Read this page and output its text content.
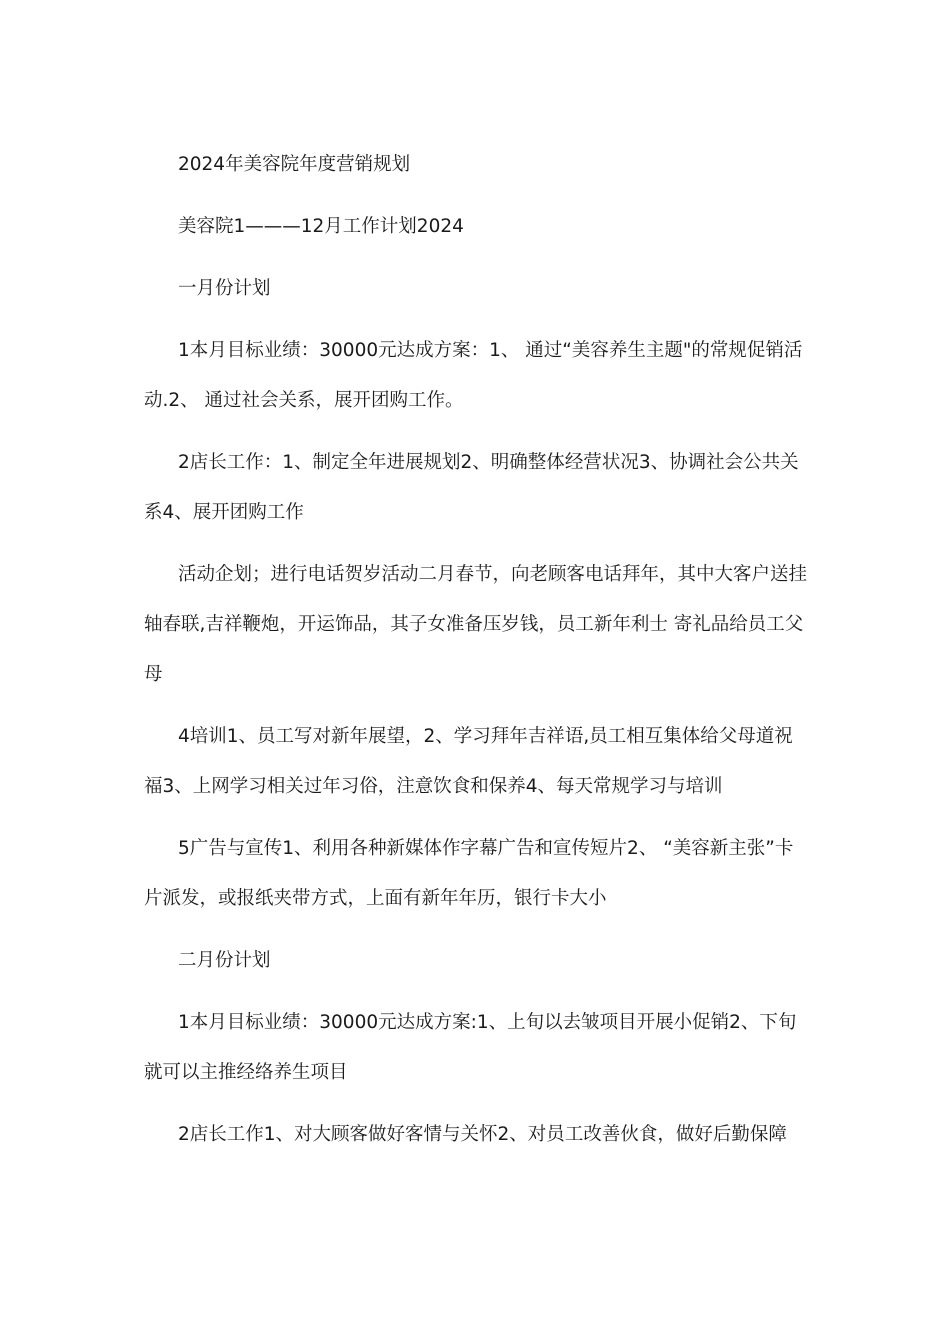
2024年美容院年度营销规划

美容院1———12月工作计划2024

一月份计划

1本月目标业绩：30000元达成方案：1、 通过“美容养生主题"的常规促销活动.2、 通过社会关系，展开团购工作。

2店长工作：1、制定全年进展规划2、明确整体经营状况3、协调社会公共关系4、展开团购工作

活动企划；进行电话贺岁活动二月春节，向老顾客电话拜年，其中大客户送挂轴春联,吉祥鞭炮，开运饰品，其子女准备压岁钱，员工新年利士 寄礼品给员工父母

4培训1、员工写对新年展望，2、学习拜年吉祥语,员工相互集体给父母道祝福3、上网学习相关过年习俗，注意饮食和保养4、每天常规学习与培训

5广告与宣传1、利用各种新媒体作字幕广告和宣传短片2、 “美容新主张”卡片派发，或报纸夹带方式，上面有新年年历，银行卡大小

二月份计划

1本月目标业绩：30000元达成方案:1、上旬以去皱项目开展小促销2、下旬就可以主推经络养生项目

2店长工作1、对大顾客做好客情与关怀2、对员工改善伙食，做好后勤保障
